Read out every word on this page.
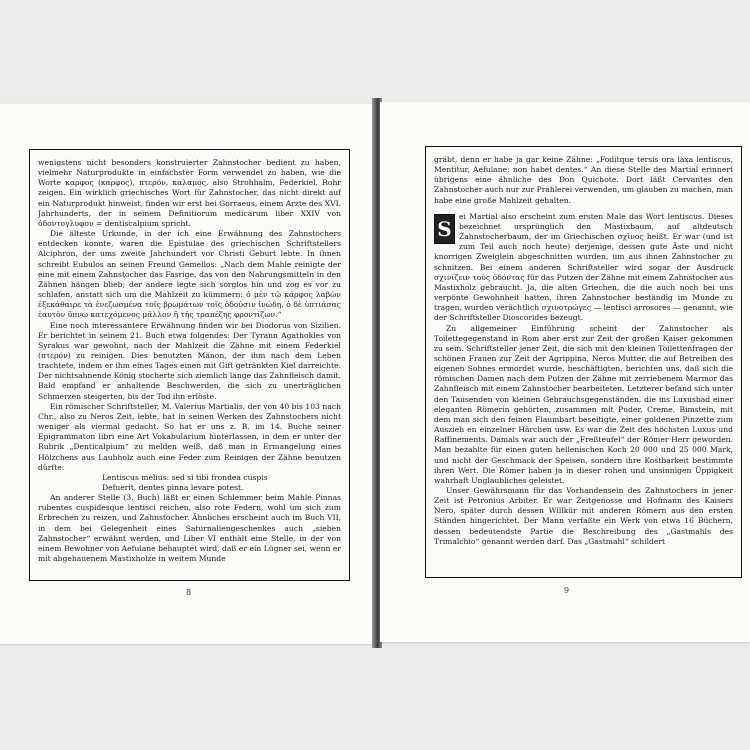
wenigstens nicht besonders konstruierter Zahnstocher bedient zu haben, vielmehr Naturprodukte in einfachster Form verwendet zu haben, wie die Worte καρφος (καρφος), πτερόν, καλαμος, also Strohhalm, Federkiel, Rohr zeigen. Ein wirklich griechisches Wort für Zahnstocher, das nicht direkt auf ein Naturprodukt hinweist, finden wir erst bei Gorraeus, einem Arzte des XVI. Jahrhunderts, der in seinem Definitiorum medicarum liber XXIV von ὀδοντογλυφον = dentiscalpium spricht.

Die älteste Urkunde, in der ich eine Erwähnung des Zahnstochers entdecken konnte, waren die Epistulae des griechischen Schriftstellers Alciphron, der ums zweite Jahrhundert vor Christi Geburt lebte. In ihnen schreibt Eubulos an seinen Freund Gemellos: „Nach dem Mahle reinigte der eine mit einem Zahnstocher das Fasrige, das von den Nahrungsmitteln in den Zähnen hängen blieb; der andere legte sich sorglos hin und zog es vor zu schlafen, anstatt sich um die Mahlzeit zu kümmern: ὁ μὲν τῷ κάρφος λαβὼν ἐξεκάθαιρε τὰ ἐνεζωσμένα τοῖς βρωμάτων τοῖς ὀδοῦσιν ἰνώδη, ὁ δὲ ὑπτιάσας ἑαυτὸν ὕπνῳ κατεχόμενος μᾶλλον ἢ τῆς τραπέζης φροντίζων.“

Eine noch interessantere Erwähnung finden wir bei Diodorus von Sizilien. Er berichtet in seinem 21. Buch etwa folgendes: Der Tyrann Agathokles von Syrakus war gewohnt, nach der Mahlzeit die Zähne mit einem Federkiel (πτερόν) zu reinigen. Dies benutzten Mänon, der ihm nach dem Leben trachtete, indem er ihm eines Tages einen mit Gift getränkten Kiel darreichte. Der nichtsahnende König stocherte sich ziemlich lange das Zahnfleisch damit. Bald empfand er anhaltende Beschwerden, die sich zu unerträglichen Schmerzen steigerten, bis der Tod ihn erlöste.

Ein römischer Schriftsteller, M. Valerius Martialis, der von 40 bis 103 nach Chr., also zu Neros Zeit, lebte, hat in seinen Werken des Zahnstochers nicht weniger als viermal gedacht. So hat er uns z. B. im 14. Buche seiner Epigrammaton libri eine Art Vokabularium hinterlassen, in dem er unter der Rubrik „Denticalpium“ zu melden weiß, daß man in Ermangelung eines Hölzchens aus Laubholz auch eine Feder zum Reinigen der Zähne benutzen dürfte:

Lentiscus melius: sed si tibi frondea cuspis

Defuerit, dentes pinna levare potest.

An anderer Stelle (3. Buch) läßt er einen Schlemmer beim Mahle Pinnas rubentes cuspidesque lentisci reichen, also rote Federn, wohl um sich zum Erbrechen zu reizen, und Zahnstocher. Ähnliches erscheint auch im Buch VII, in dem bei Gelegenheit eines Saturnaliengeschenkes auch „sieben Zahnstocher“ erwähnt werden, und Liber VI enthält eine Stelle, in der von einem Bewohner von Aefulane behauptet wird, daß er ein Lügner sei, wenn er mit abgehauenem Mastixholze in weitem Munde

8

gräbt, denn er habe ja gar keine Zähne: „Foditque tersis ora laxa lentiscus, Mentitur, Aefulane: non habet dentes.“ An diese Stelle des Martial erinnert übrigens eine ähnliche des Don Quichote. Dort läßt Cervantes den Zahnstocher auch nur zur Prahlerei verwenden, um glauben zu machen, man habe eine große Mahlzeit gehalten.

S
ei Martial also erscheint zum ersten Male das Wort lentiscus. Dieses bezeichnet ursprünglich den Mastixbaum, auf altdeutsch Zahnstocherbaum, der im Griechischen σχῖνος heißt. Er war (und ist zum Teil auch noch heute) derjenige, dessen gute Äste und nicht knorrigen Zweiglein abgeschnitten wurden, um aus ihnen Zahnstocher zu schnitzen. Bei einem anderen Schriftsteller wird sogar der Ausdruck σχινίζειν τοὺς ὀδόντας für das Putzen der Zähne mit einem Zahnstocher aus Mastixholz gebraucht. Ja, die alten Griechen, die die auch noch bei uns verpönte Gewohnheit hatten, ihren Zahnstocher beständig im Munde zu tragen, wurden verächtlich σχινοτρώγες — lentisci arrosores — genannt, wie der Schriftsteller Dioscorides bezeugt.

Zu allgemeiner Einführung scheint der Zahnstocher als Toilettegegenstand in Rom aber erst zur Zeit der großen Kaiser gekommen zu sein. Schriftsteller jener Zeit, die sich mit den kleinen Toilettenfragen der schönen Frauen zur Zeit der Agrippina, Neros Mutter, die auf Betreiben des eigenen Sohnes ermordet wurde, beschäftigten, berichten uns, daß sich die römischen Damen nach dem Putzen der Zähne mit zerriebenem Marmor das Zahnfleisch mit einem Zahnstocher bearbeiteten. Letzterer befand sich unter den Tausenden von kleinen Gebrauchsgegenständen, die ins Luxusbad einer eleganten Römerin gehörten, zusammen mit Puder, Creme, Bimstein, mit dem man sich den feinen Flaumbart beseitigte, einer goldenen Pinzette zum Auszieh en einzelner Härchen usw. Es war die Zeit des höchsten Luxus und Raffinements. Damals war auch der „Freßteufel“ der Römer Herr geworden. Man bezahlte für einen guten hellenischen Koch 20 000 und 25 000 Mark, und nicht der Geschmack der Speisen, sondern ihre Kostbarkeit bestimmte ihren Wert. Die Römer haben ja in dieser rohen und unsinnigen Üppigkeit wahrhaft Unglaubliches geleistet.

Unser Gewährsmann für das Vorhandensein des Zahnstochers in jener Zeit ist Petronius Arbiter. Er war Zeitgenosse und Hofmann des Kaisers Nero, später durch dessen Willkür mit anderen Römern aus den ersten Ständen hingerichtet. Der Mann verfaßte ein Werk von etwa 16 Büchern, dessen bedeutendste Partie die Beschreibung des „Gastmahls des Trimalchio“ genannt werden darf. Das „Gastmahl“ schildert

9
